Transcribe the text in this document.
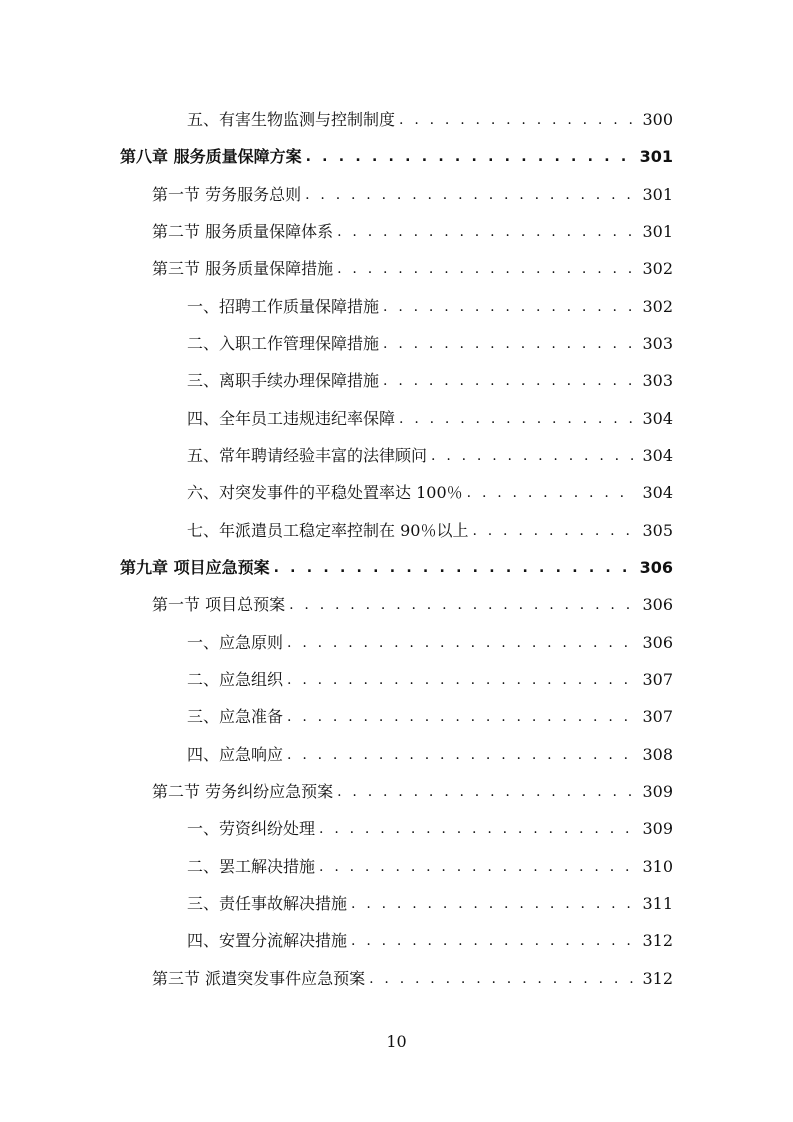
五、有害生物监测与控制制度 . . .	300
第八章 服务质量保障方案 . . .	301
第一节 劳务服务总则 . . .	301
第二节 服务质量保障体系 . . .	301
第三节 服务质量保障措施 . . .	302
一、招聘工作质量保障措施 . . .	302
二、入职工作管理保障措施 . . .	303
三、离职手续办理保障措施 . . .	303
四、全年员工违规违纪率保障 . . .	304
五、常年聘请经验丰富的法律顾问 . . .	304
六、对突发事件的平稳处置率达 100％ . . .	304
七、年派遣员工稳定率控制在 90％以上 . . .	305
第九章 项目应急预案 . . .	306
第一节 项目总预案 . . .	306
一、应急原则 . . .	306
二、应急组织 . . .	307
三、应急准备 . . .	307
四、应急响应 . . .	308
第二节 劳务纠纷应急预案 . . .	309
一、劳资纠纷处理 . . .	309
二、罢工解决措施 . . .	310
三、责任事故解决措施 . . .	311
四、安置分流解决措施 . . .	312
第三节 派遣突发事件应急预案 . . .	312
10
